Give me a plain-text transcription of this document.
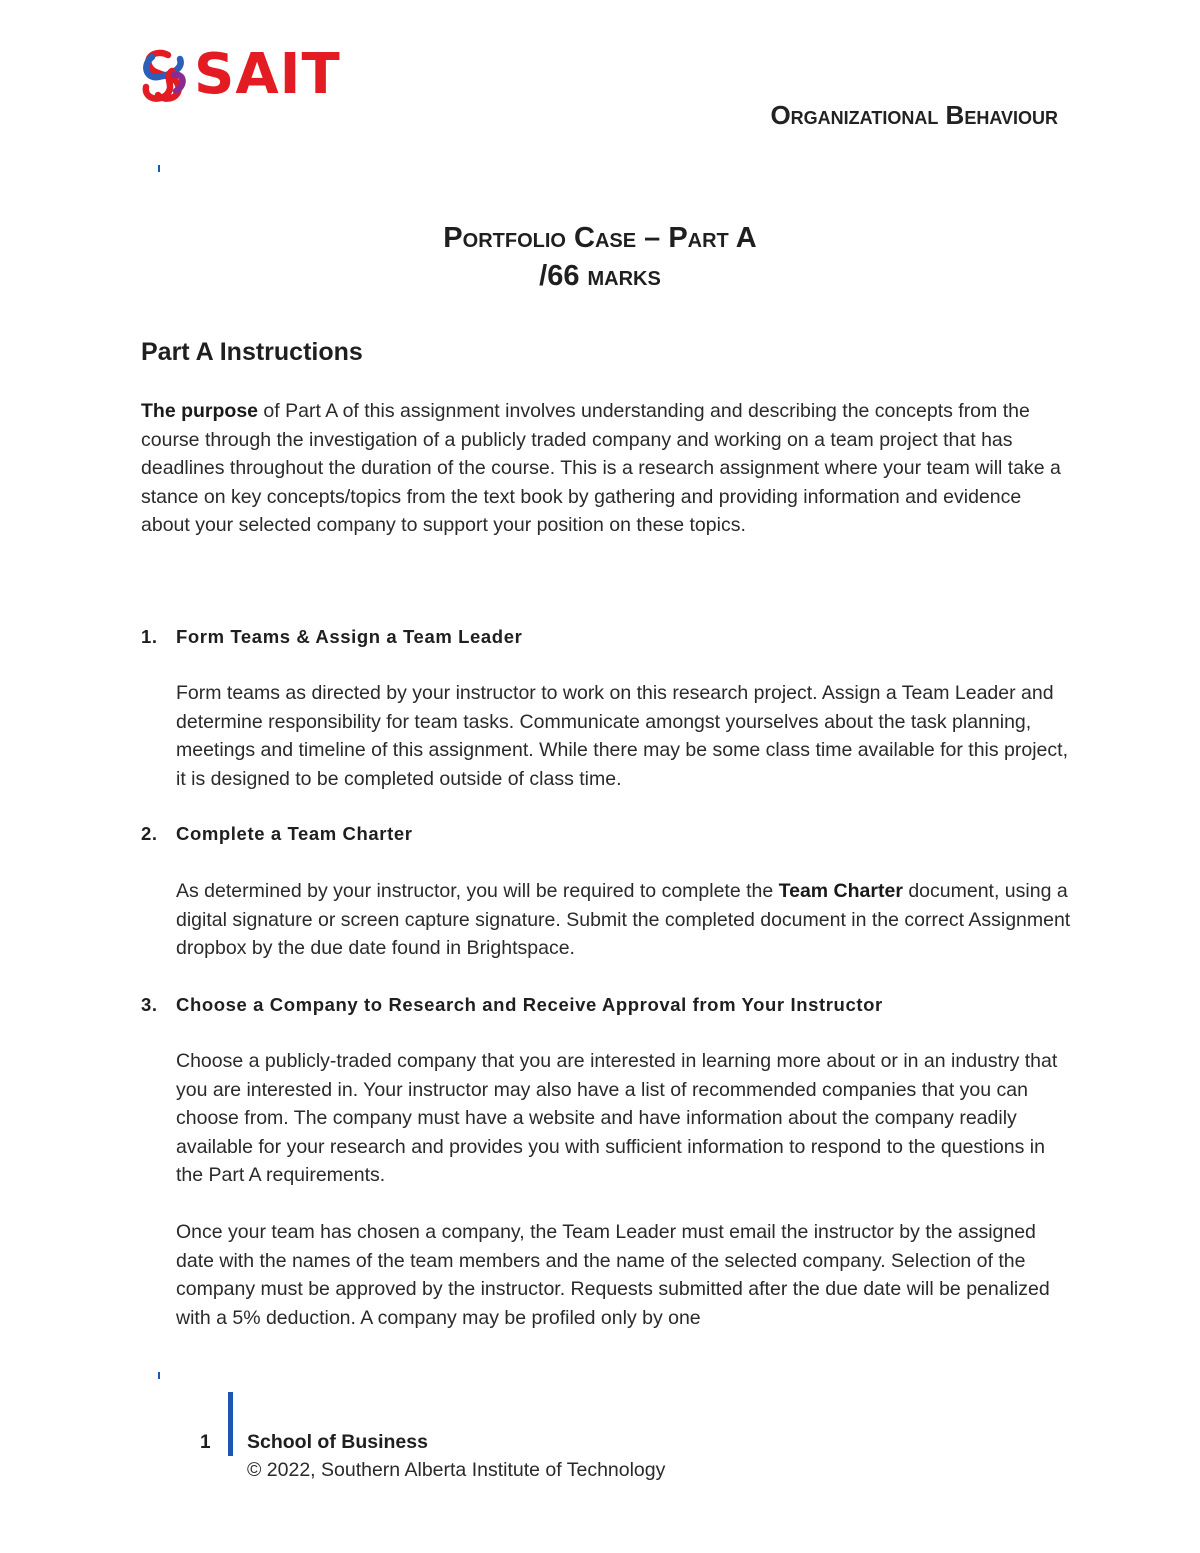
SAIT
Organizational Behaviour
Portfolio Case – Part A
/66 marks
Part A Instructions

The purpose of Part A of this assignment involves understanding and describing the concepts from the course through the investigation of a publicly traded company and working on a team project that has deadlines throughout the duration of the course. This is a research assignment where your team will take a stance on key concepts/topics from the text book by gathering and providing information and evidence about your selected company to support your position on these topics.

1. Form Teams & Assign a Team Leader

Form teams as directed by your instructor to work on this research project. Assign a Team Leader and determine responsibility for team tasks. Communicate amongst yourselves about the task planning, meetings and timeline of this assignment. While there may be some class time available for this project, it is designed to be completed outside of class time.

2. Complete a Team Charter

As determined by your instructor, you will be required to complete the Team Charter document, using a digital signature or screen capture signature. Submit the completed document in the correct Assignment dropbox by the due date found in Brightspace.

3. Choose a Company to Research and Receive Approval from Your Instructor

Choose a publicly-traded company that you are interested in learning more about or in an industry that you are interested in. Your instructor may also have a list of recommended companies that you can choose from. The company must have a website and have information about the company readily available for your research and provides you with sufficient information to respond to the questions in the Part A requirements.

Once your team has chosen a company, the Team Leader must email the instructor by the assigned date with the names of the team members and the name of the selected company. Selection of the company must be approved by the instructor. Requests submitted after the due date will be penalized with a 5% deduction. A company may be profiled only by one

1 School of Business
© 2022, Southern Alberta Institute of Technology
